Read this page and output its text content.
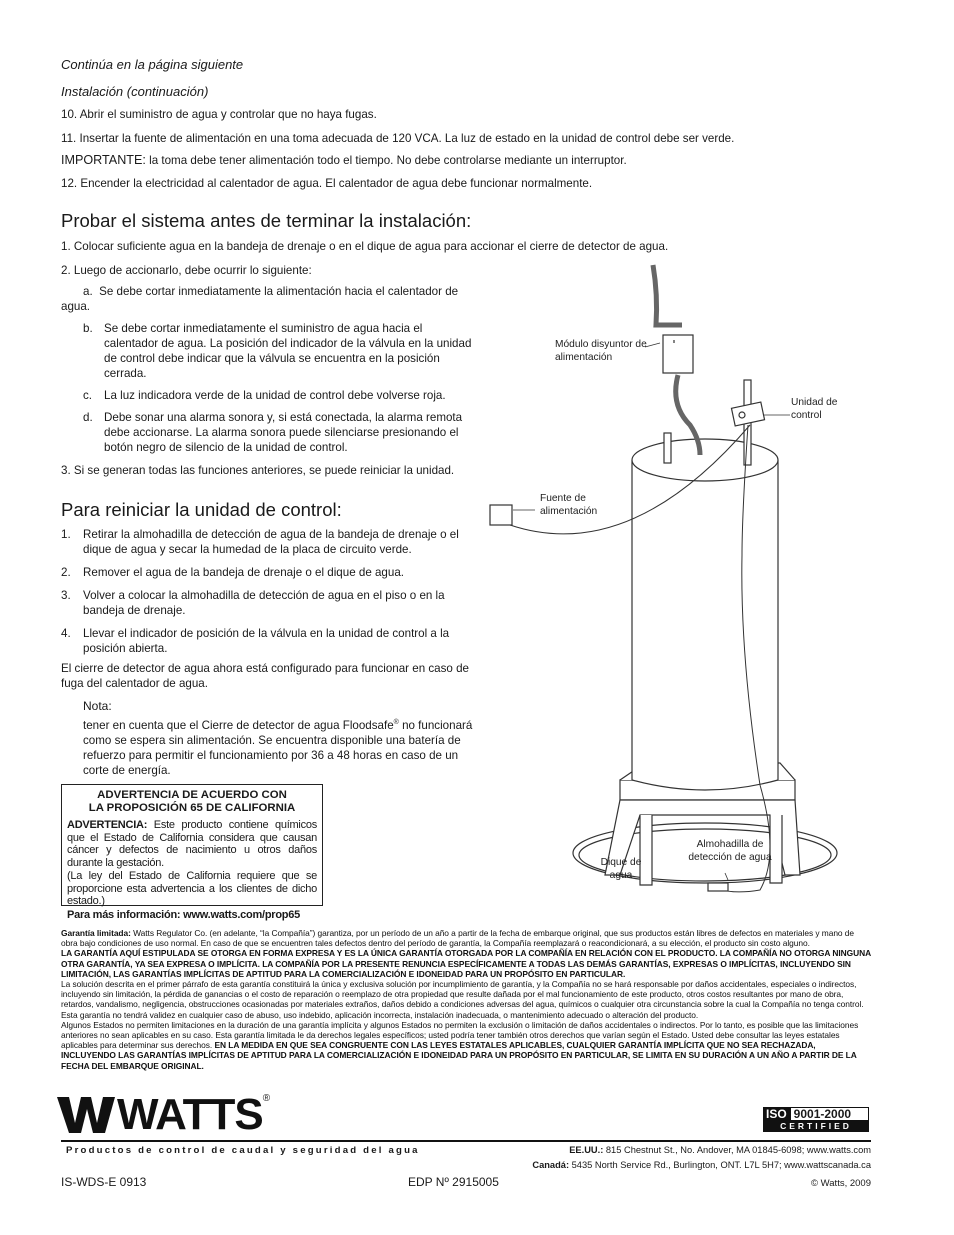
Continúa en la página siguiente
Instalación (continuación)
10. Abrir el suministro de agua y controlar que no haya fugas.
11. Insertar la fuente de alimentación en una toma adecuada de 120 VCA. La luz de estado en la unidad de control debe ser verde.
IMPORTANTE: la toma debe tener alimentación todo el tiempo. No debe controlarse mediante un interruptor.
12. Encender la electricidad al calentador de agua. El calentador de agua debe funcionar normalmente.
Probar el sistema antes de terminar la instalación:
1. Colocar suficiente agua en la bandeja de drenaje o en el dique de agua para accionar el cierre de detector de agua.
2. Luego de accionarlo, debe ocurrir lo siguiente:
a. Se debe cortar inmediatamente la alimentación hacia el calentador de agua.
b. Se debe cortar inmediatamente el suministro de agua hacia el calentador de agua. La posición del indicador de la válvula en la unidad de control debe indicar que la válvula se encuentra en la posición cerrada.
c. La luz indicadora verde de la unidad de control debe volverse roja.
d. Debe sonar una alarma sonora y, si está conectada, la alarma remota debe accionarse. La alarma sonora puede silenciarse presionando el botón negro de silencio de la unidad de control.
3. Si se generan todas las funciones anteriores, se puede reiniciar la unidad.
Para reiniciar la unidad de control:
1. Retirar la almohadilla de detección de agua de la bandeja de drenaje o el dique de agua y secar la humedad de la placa de circuito verde.
2. Remover el agua de la bandeja de drenaje o el dique de agua.
3. Volver a colocar la almohadilla de detección de agua en el piso o en la bandeja de drenaje.
4. Llevar el indicador de posición de la válvula en la unidad de control a la posición abierta.
El cierre de detector de agua ahora está configurado para funcionar en caso de fuga del calentador de agua.
Nota:
tener en cuenta que el Cierre de detector de agua Floodsafe® no funcionará como se espera sin alimentación. Se encuentra disponible una batería de refuerzo para permitir el funcionamiento por 36 a 48 horas en caso de un corte de energía.
ADVERTENCIA DE ACUERDO CON
LA PROPOSICIÓN 65 DE CALIFORNIA
ADVERTENCIA: Este producto contiene químicos que el Estado de California considera que causan cáncer y defectos de nacimiento u otros daños durante la gestación.
(La ley del Estado de California requiere que se proporcione esta advertencia a los clientes de dicho estado.)
Para más información: www.watts.com/prop65
Módulo disyuntor de alimentación
Unidad de control
Fuente de alimentación
Almohadilla de detección de agua
Dique de agua
Garantía limitada: Watts Regulator Co. (en adelante, “la Compañía”) garantiza, por un período de un año a partir de la fecha de embarque original, que sus productos están libres de defectos en materiales y mano de obra bajo condiciones de uso normal. En caso de que se encuentren tales defectos dentro del período de garantía, la Compañía reemplazará o reacondicionará, a su elección, el producto sin costo alguno.
LA GARANTÍA AQUÍ ESTIPULADA SE OTORGA EN FORMA EXPRESA Y ES LA ÚNICA GARANTÍA OTORGADA POR LA COMPAÑÍA EN RELACIÓN CON EL PRODUCTO. LA COMPAÑÍA NO OTORGA NINGUNA OTRA GARANTÍA, YA SEA EXPRESA O IMPLÍCITA. LA COMPAÑÍA POR LA PRESENTE RENUNCIA ESPECÍFICAMENTE A TODAS LAS DEMÁS GARANTÍAS, EXPRESAS O IMPLÍCITAS, INCLUYENDO SIN LIMITACIÓN, LAS GARANTÍAS IMPLÍCITAS DE APTITUD PARA LA COMERCIALIZACIÓN E IDONEIDAD PARA UN PROPÓSITO EN PARTICULAR.
La solución descrita en el primer párrafo de esta garantía constituirá la única y exclusiva solución por incumplimiento de garantía, y la Compañía no se hará responsable por daños accidentales, especiales o indirectos, incluyendo sin limitación, la pérdida de ganancias o el costo de reparación o reemplazo de otra propiedad que resulte dañada por el mal funcionamiento de este producto, otros costos resultantes por mano de obra, retardos, vandalismo, negligencia, obstrucciones ocasionadas por materiales extraños, daños debido a condiciones adversas del agua, químicos o cualquier otra circunstancia sobre la cual la Compañía no tenga control. Esta garantía no tendrá validez en cualquier caso de abuso, uso indebido, aplicación incorrecta, instalación inadecuada, o mantenimiento adecuado o alteración del producto.
Algunos Estados no permiten limitaciones en la duración de una garantía implícita y algunos Estados no permiten la exclusión o limitación de daños accidentales o indirectos. Por lo tanto, es posible que las limitaciones anteriores no sean aplicables en su caso. Esta garantía limitada le da derechos legales específicos; usted podría tener también otros derechos que varían según el Estado. Usted debe consultar las leyes estatales aplicables para determinar sus derechos. EN LA MEDIDA EN QUE SEA CONGRUENTE CON LAS LEYES ESTATALES APLICABLES, CUALQUIER GARANTÍA IMPLÍCITA QUE NO SEA RECHAZADA, INCLUYENDO LAS GARANTÍAS IMPLÍCITAS DE APTITUD PARA LA COMERCIALIZACIÓN E IDONEIDAD PARA UN PROPÓSITO EN PARTICULAR, SE LIMITA EN SU DURACIÓN A UN AÑO A PARTIR DE LA FECHA DEL EMBARQUE ORIGINAL.
WATTS®
ISO 9001-2000
CERTIFIED
Productos de control de caudal y seguridad del agua	EE.UU.: 815 Chestnut St., No. Andover, MA 01845-6098; www.watts.com
Canadá: 5435 North Service Rd., Burlington, ONT. L7L 5H7; www.wattscanada.ca
IS-WDS-E 0913	EDP Nº 2915005	© Watts, 2009
